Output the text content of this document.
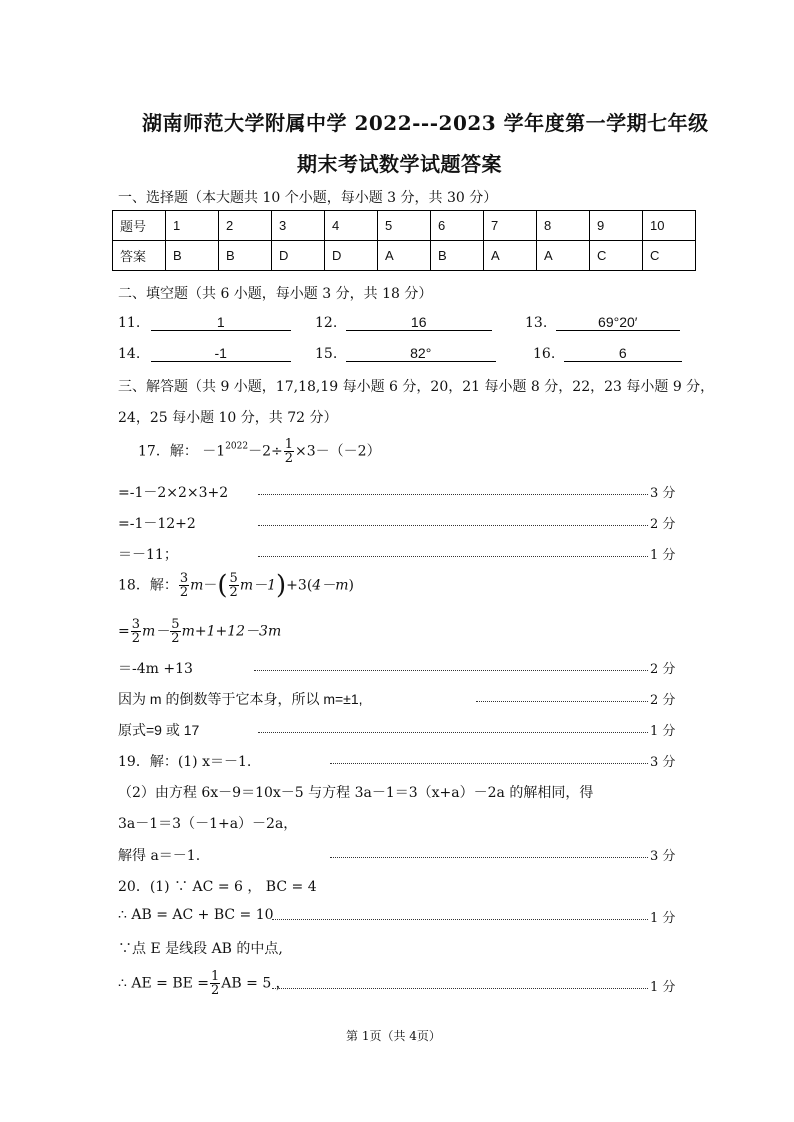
湖南师范大学附属中学 2022---2023 学年度第一学期七年级
期末考试数学试题答案
一、选择题（本大题共 10 个小题，每小题 3 分，共 30 分）
题号	1	2	3	4	5	6	7	8	9	10
答案	B	B	D	D	A	B	A	A	C	C
二、填空题（共 6 小题，每小题 3 分，共 18 分）
11.	1	12.	16	13.	69°20′
14.	-1	15.	82°	16.	6
三、解答题（共 9 小题，17,18,19 每小题 6 分，20，21 每小题 8 分，22，23 每小题 9 分，
24，25 每小题 10 分，共 72 分）
17．解： $-1^{2022}-2\div \frac{1}{2} \times 3-(-2)$
=-1－2×2×3+2	3 分
=-1－12+2	2 分
＝－11；	1 分
18．解： $\frac{3}{2} m-( \frac{5}{2} m-1)+3(4-m)$
= $\frac{3}{2} m- \frac{5}{2} m+1+12-3m$
＝-4m +13	2 分
因为 m 的倒数等于它本身，所以 m=±1,	2 分
原式=9 或 17	1 分
19．解：(1) x＝－1.	3 分
（2）由方程 6x－9＝10x－5 与方程 3a－1＝3（x+a）－2a 的解相同，得
3a－1＝3（－1+a）－2a，
解得 a＝－1.	3 分
20．(1) ∵ AC = 6 ， BC = 4
∴ AB = AC + BC = 10	1 分
∵点 E 是线段 AB 的中点,
∴ AE = BE = $\frac{1}{2}$ AB = 5 ，	1 分
第 1页（共 4页）
